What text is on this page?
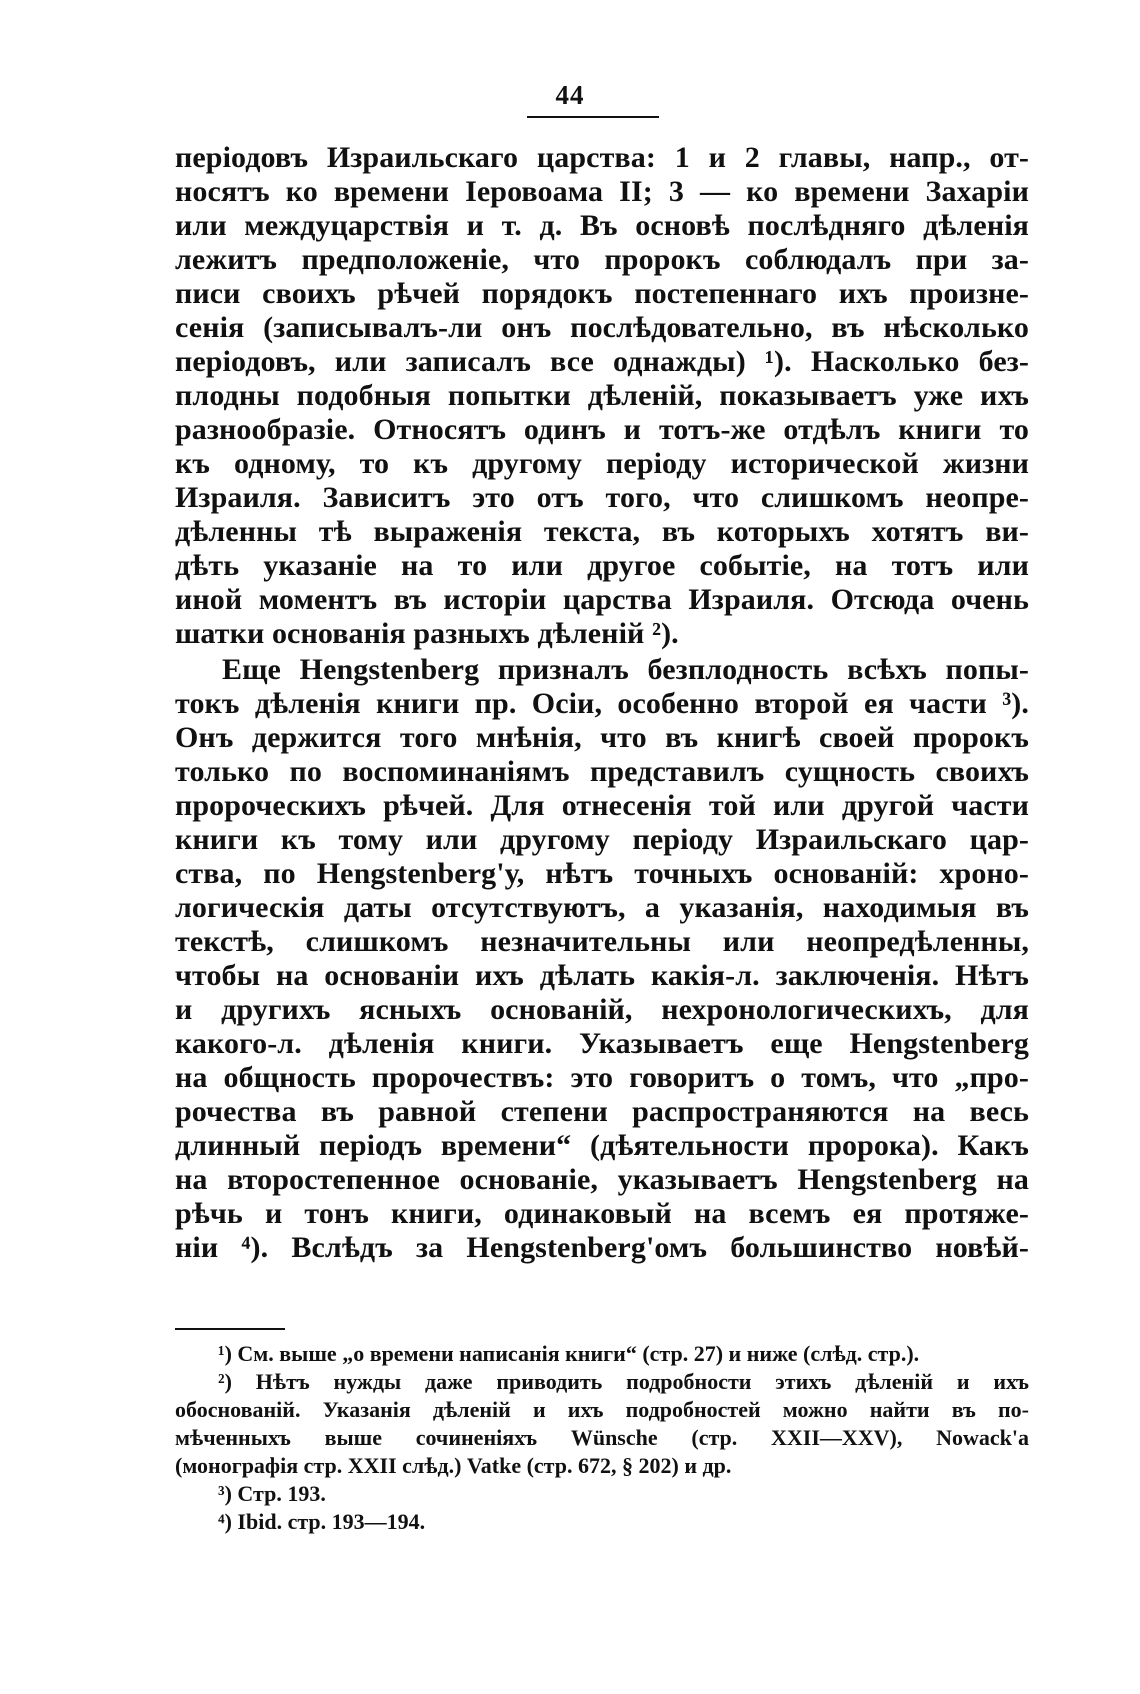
44
періодовъ Израильскаго царства: 1 и 2 главы, напр., от-
носятъ ко времени Іеровоама II; 3 — ко времени Захаріи
или междуцарствія и т. д. Въ основѣ послѣдняго дѣленія
лежитъ предположеніе, что пророкъ соблюдалъ при за-
писи своихъ рѣчей порядокъ постепеннаго ихъ произне-
сенія (записывалъ-ли онъ послѣдовательно, въ нѣсколько
періодовъ, или записалъ все однажды) ¹). Насколько без-
плодны подобныя попытки дѣленій, показываетъ уже ихъ
разнообразіе. Относятъ одинъ и тотъ-же отдѣлъ книги то
къ одному, то къ другому періоду исторической жизни
Израиля. Зависитъ это отъ того, что слишкомъ неопре-
дѣленны тѣ выраженія текста, въ которыхъ хотятъ ви-
дѣть указаніе на то или другое событіе, на тотъ или
иной моментъ въ исторіи царства Израиля. Отсюда очень
шатки основанія разныхъ дѣленій ²).
Еще Hengstenberg призналъ безплодность всѣхъ попы-
токъ дѣленія книги пр. Осіи, особенно второй ея части ³).
Онъ держится того мнѣнія, что въ книгѣ своей пророкъ
только по воспоминаніямъ представилъ сущность своихъ
пророческихъ рѣчей. Для отнесенія той или другой части
книги къ тому или другому періоду Израильскаго цар-
ства, по Hengstenberg'у, нѣтъ точныхъ основаній: хроно-
логическія даты отсутствуютъ, а указанія, находимыя въ
текстѣ, слишкомъ незначительны или неопредѣленны,
чтобы на основаніи ихъ дѣлать какія-л. заключенія. Нѣтъ
и другихъ ясныхъ основаній, нехронологическихъ, для
какого-л. дѣленія книги. Указываетъ еще Hengstenberg
на общность пророчествъ: это говоритъ о томъ, что „про-
рочества въ равной степени распространяются на весь
длинный періодъ времени“ (дѣятельности пророка). Какъ
на второстепенное основаніе, указываетъ Hengstenberg на
рѣчь и тонъ книги, одинаковый на всемъ ея протяже-
ніи ⁴). Вслѣдъ за Hengstenberg'омъ большинство новѣй-
¹) См. выше „о времени написанія книги“ (стр. 27) и ниже (слѣд. стр.).
²) Нѣтъ нужды даже приводить подробности этихъ дѣленій и ихъ
обоснованій. Указанія дѣленій и ихъ подробностей можно найти въ по-
мѣченныхъ выше сочиненіяхъ Wünsche (стр. XXII—XXV), Nowack'a
(монографія стр. XXII слѣд.) Vatke (стр. 672, § 202) и др.
³) Стр. 193.
⁴) Ibid. стр. 193—194.
